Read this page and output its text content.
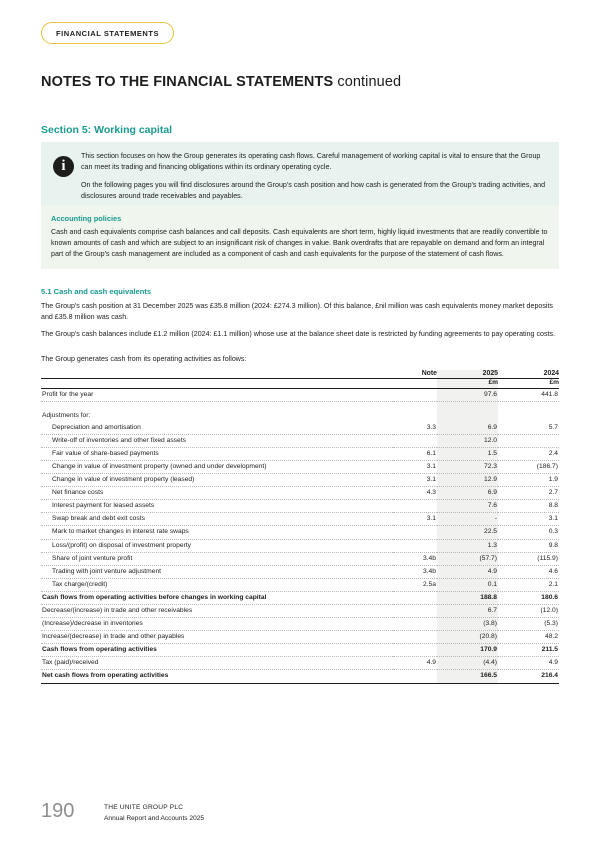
FINANCIAL STATEMENTS
NOTES TO THE FINANCIAL STATEMENTS continued
Section 5: Working capital
i

This section focuses on how the Group generates its operating cash flows. Careful management of working capital is vital to ensure that the Group can meet its trading and financing obligations within its ordinary operating cycle.

On the following pages you will find disclosures around the Group's cash position and how cash is generated from the Group's trading activities, and disclosures around trade receivables and payables.

Accounting policies

Cash and cash equivalents comprise cash balances and call deposits. Cash equivalents are short term, highly liquid investments that are readily convertible to known amounts of cash and which are subject to an insignificant risk of changes in value. Bank overdrafts that are repayable on demand and form an integral part of the Group's cash management are included as a component of cash and cash equivalents for the purpose of the statement of cash flows.

5.1 Cash and cash equivalents
The Group's cash position at 31 December 2025 was £35.8 million (2024: £274.3 million). Of this balance, £nil million was cash equivalents money market deposits and £35.8 million was cash.
The Group's cash balances include £1.2 million (2024: £1.1 million) whose use at the balance sheet date is restricted by funding agreements to pay operating costs.
The Group generates cash from its operating activities as follows:
	Note	2025	2024
		£m	£m
Profit for the year		97.6	441.8

Adjustments for:			
Depreciation and amortisation	3.3	6.9	5.7
Write-off of inventories and other fixed assets		12.0	
Fair value of share-based payments	6.1	1.5	2.4
Change in value of investment property (owned and under development)	3.1	72.3	(186.7)
Change in value of investment property (leased)	3.1	12.9	1.9
Net finance costs	4.3	6.9	2.7
Interest payment for leased assets		7.6	8.8
Swap break and debt exit costs	3.1	-	3.1
Mark to market changes in interest rate swaps		22.5	0.3
Loss/(profit) on disposal of investment property		1.3	9.8
Share of joint venture profit	3.4b	(57.7)	(115.9)
Trading with joint venture adjustment	3.4b	4.9	4.6
Tax charge/(credit)	2.5a	0.1	2.1
Cash flows from operating activities before changes in working capital		188.8	180.6
Decrease/(increase) in trade and other receivables		6.7	(12.0)
(Increase)/decrease in inventories		(3.8)	(5.3)
Increase/(decrease) in trade and other payables		(20.8)	48.2
Cash flows from operating activities		170.9	211.5
Tax (paid)/received	4.9	(4.4)	4.9
Net cash flows from operating activities		166.5	216.4
190	THE UNITE GROUP PLC
Annual Report and Accounts 2025
